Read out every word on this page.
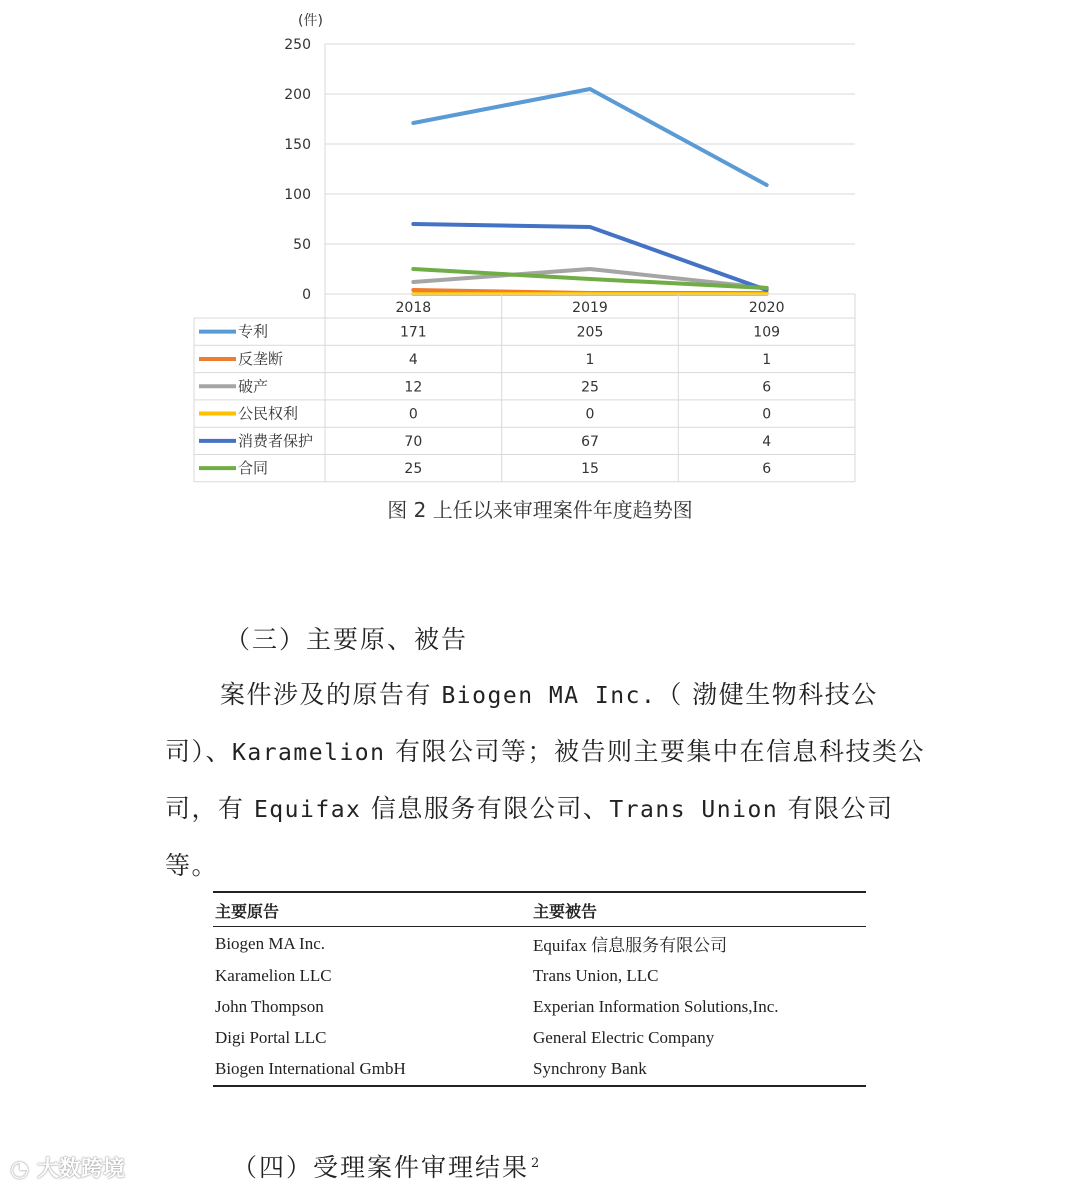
250
200
150
100
50
0
(件)
2018	2019	2020
专利	171	205	109
反垄断	4	1	1
破产	12	25	6
公民权利	0	0	0
消费者保护	70	67	4
合同	25	15	6
图 2 上任以来审理案件年度趋势图
（三）主要原、被告
案件涉及的原告有 Biogen MA Inc.（ 渤健生物科技公司）、Karamelion 有限公司等；被告则主要集中在信息科技类公司，有 Equifax 信息服务有限公司、Trans Union 有限公司等。
主要原告	主要被告
Biogen MA Inc.	Equifax 信息服务有限公司
Karamelion LLC	Trans Union, LLC
John Thompson	Experian Information Solutions,Inc.
Digi Portal LLC	General Electric Company
Biogen International GmbH	Synchrony Bank
（四）受理案件审理结果 $^2$
◔ 大数跨境
